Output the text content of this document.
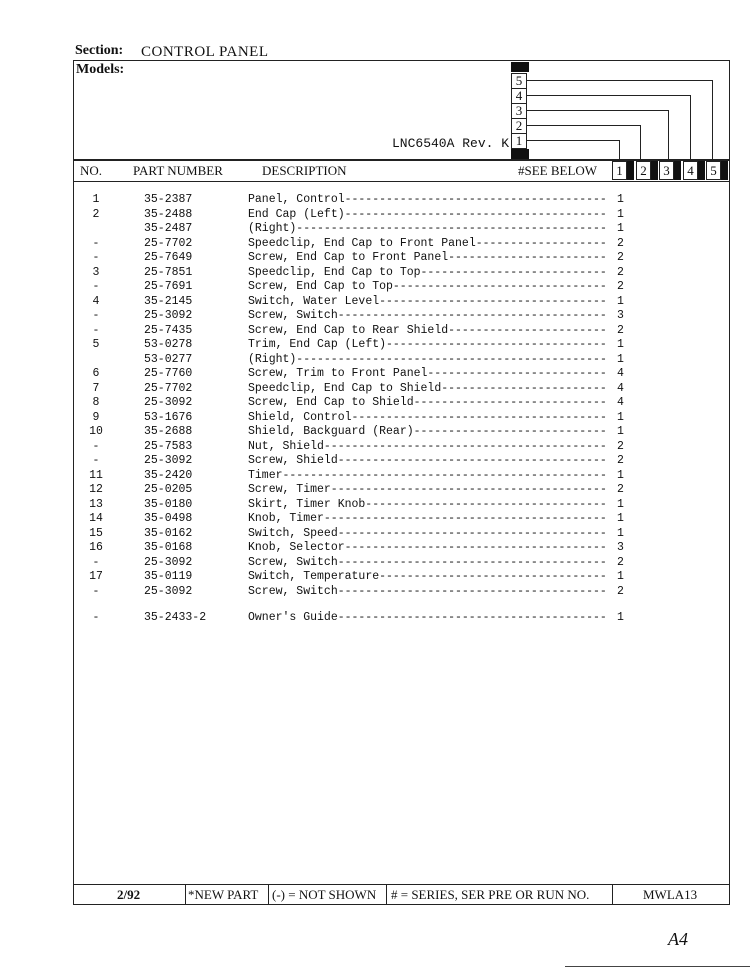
Section: CONTROL PANEL
Models:
LNC6540A Rev. K
5
4
3
2
1
NO. PART NUMBER	DESCRIPTION	#SEE BELOW	1	2	3	4	5
1	35-2387	Panel, Control	1
--------------------------------------
2	35-2488	End Cap (Left)	1
--------------------------------------
35-2487	(Right)	1
---------------------------------------------
-	25-7702	Speedclip, End Cap to Front Panel	2
-------------------
-	25-7649	Screw, End Cap to Front Panel	2
-----------------------
3	25-7851	Speedclip, End Cap to Top	2
---------------------------
-	25-7691	Screw, End Cap to Top	2
-------------------------------
4	35-2145	Switch, Water Level	1
---------------------------------
-	25-3092	Screw, Switch	3
---------------------------------------
-	25-7435	Screw, End Cap to Rear Shield	2
-----------------------
5	53-0278	Trim, End Cap (Left)	1
--------------------------------
53-0277	(Right)	1
---------------------------------------------
6	25-7760	Screw, Trim to Front Panel	4
--------------------------
7	25-7702	Speedclip, End Cap to Shield	4
------------------------
8	25-3092	Screw, End Cap to Shield	4
----------------------------
9	53-1676	Shield, Control	1
-------------------------------------
10	35-2688	Shield, Backguard (Rear)	1
----------------------------
-	25-7583	Nut, Shield	2
-----------------------------------------
-	25-3092	Screw, Shield	2
---------------------------------------
11	35-2420	Timer	1
-----------------------------------------------
12	25-0205	Screw, Timer	2
----------------------------------------
13	35-0180	Skirt, Timer Knob	1
-----------------------------------
14	35-0498	Knob, Timer	1
-----------------------------------------
15	35-0162	Switch, Speed	1
---------------------------------------
16	35-0168	Knob, Selector	3
--------------------------------------
-	25-3092	Screw, Switch	2
---------------------------------------
17	35-0119	Switch, Temperature	1
---------------------------------
-	25-3092	Screw, Switch	2
---------------------------------------
-	35-2433-2	Owner's Guide	1
---------------------------------------
2/92	*NEW PART (-) = NOT SHOWN # = SERIES, SER PRE OR RUN NO.	MWLA13
A4
